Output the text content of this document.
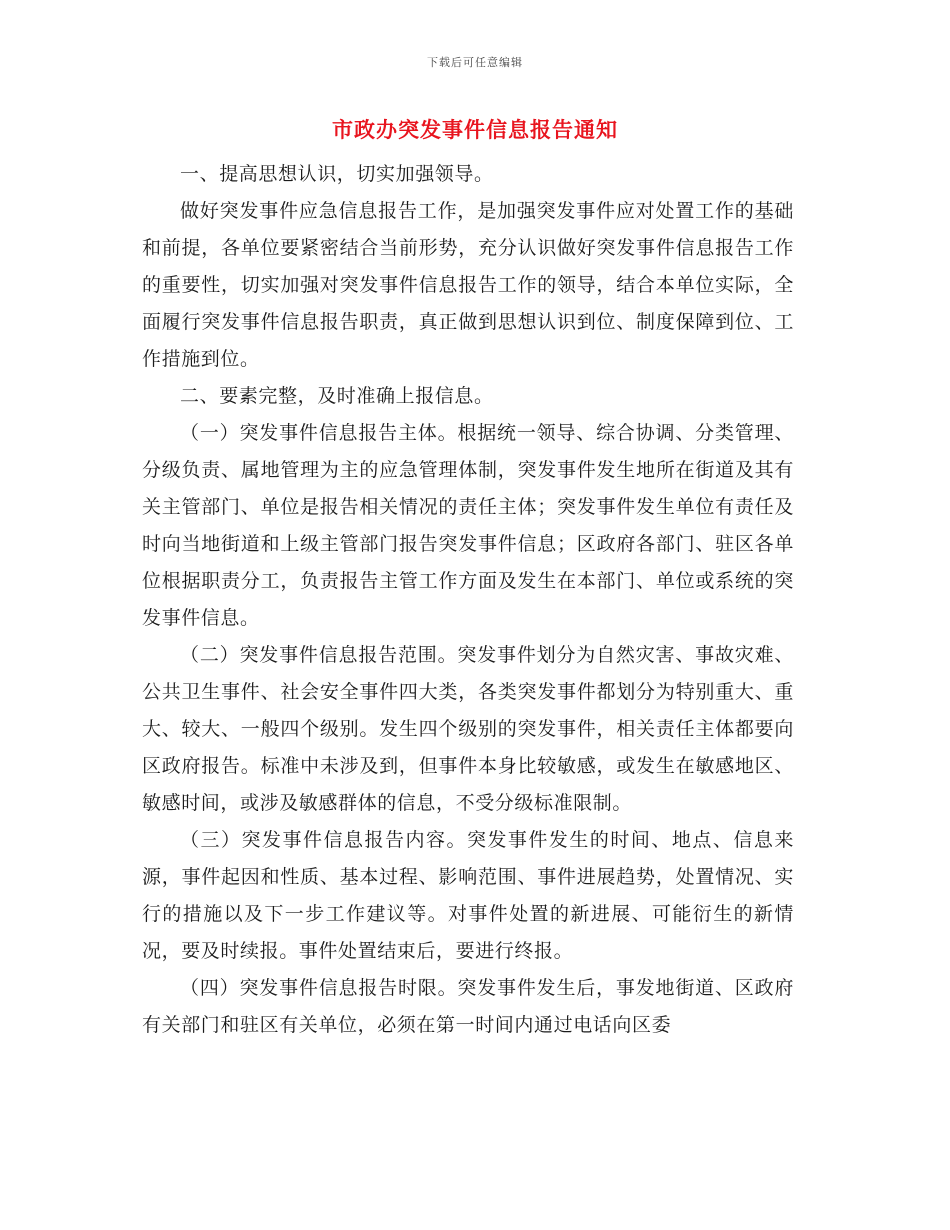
下载后可任意编辑
市政办突发事件信息报告通知

一、提高思想认识，切实加强领导。

做好突发事件应急信息报告工作，是加强突发事件应对处置工作的基础和前提，各单位要紧密结合当前形势，充分认识做好突发事件信息报告工作的重要性，切实加强对突发事件信息报告工作的领导，结合本单位实际，全面履行突发事件信息报告职责，真正做到思想认识到位、制度保障到位、工作措施到位。

二、要素完整，及时准确上报信息。

（一）突发事件信息报告主体。根据统一领导、综合协调、分类管理、分级负责、属地管理为主的应急管理体制，突发事件发生地所在街道及其有关主管部门、单位是报告相关情况的责任主体；突发事件发生单位有责任及时向当地街道和上级主管部门报告突发事件信息；区政府各部门、驻区各单位根据职责分工，负责报告主管工作方面及发生在本部门、单位或系统的突发事件信息。

（二）突发事件信息报告范围。突发事件划分为自然灾害、事故灾难、公共卫生事件、社会安全事件四大类，各类突发事件都划分为特别重大、重大、较大、一般四个级别。发生四个级别的突发事件，相关责任主体都要向区政府报告。标准中未涉及到，但事件本身比较敏感，或发生在敏感地区、敏感时间，或涉及敏感群体的信息，不受分级标准限制。

（三）突发事件信息报告内容。突发事件发生的时间、地点、信息来源，事件起因和性质、基本过程、影响范围、事件进展趋势，处置情况、实行的措施以及下一步工作建议等。对事件处置的新进展、可能衍生的新情况，要及时续报。事件处置结束后，要进行终报。

（四）突发事件信息报告时限。突发事件发生后，事发地街道、区政府有关部门和驻区有关单位，必须在第一时间内通过电话向区委
